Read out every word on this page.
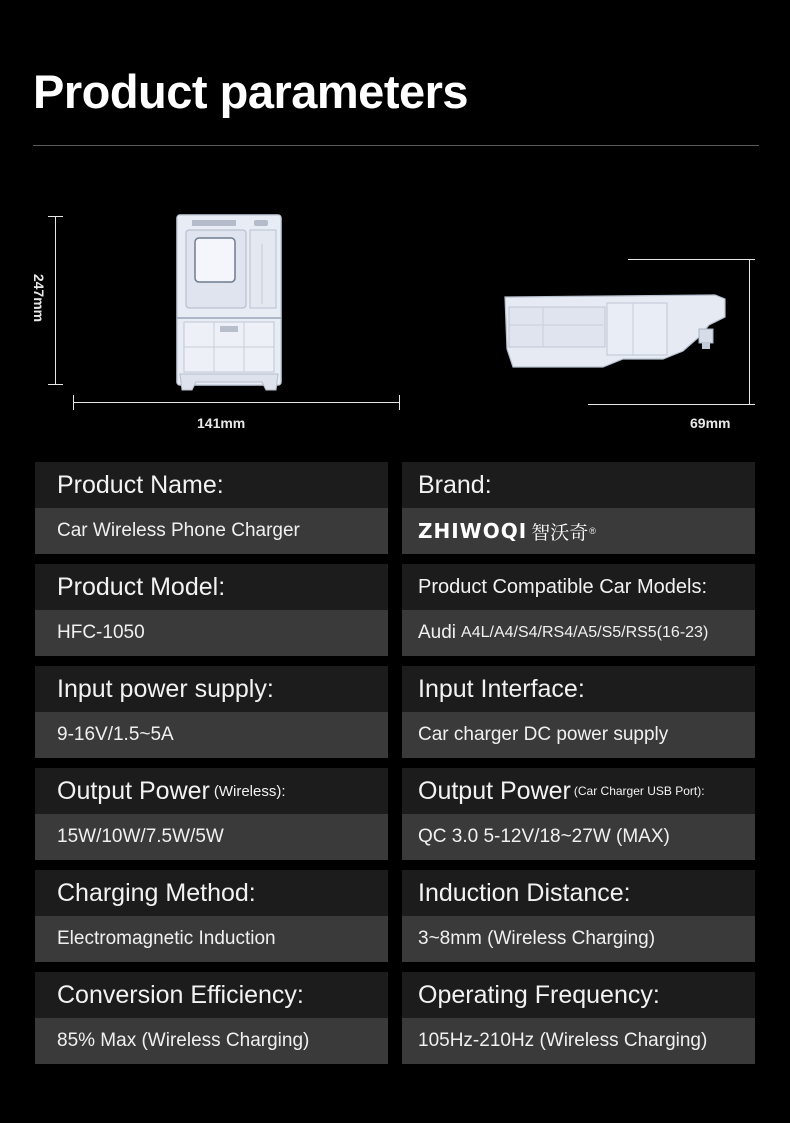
Product parameters
247mm
141mm	69mm
Product Name:
Car Wireless Phone Charger
Brand:
ZHIWOQI 智沃奇 ®
Product Model:
HFC-1050
Product Compatible Car Models:
Audi A4L/A4/S4/RS4/A5/S5/RS5(16-23)
Input power supply:
9-16V/1.5~5A
Input Interface:
Car charger DC power supply
Output Power (Wireless):
15W/10W/7.5W/5W
Output Power (Car Charger USB Port):
QC 3.0 5-12V/18~27W (MAX)
Charging Method:
Electromagnetic Induction
Induction Distance:
3~8mm (Wireless Charging)
Conversion Efficiency:
85% Max (Wireless Charging)
Operating Frequency:
105Hz-210Hz (Wireless Charging)
